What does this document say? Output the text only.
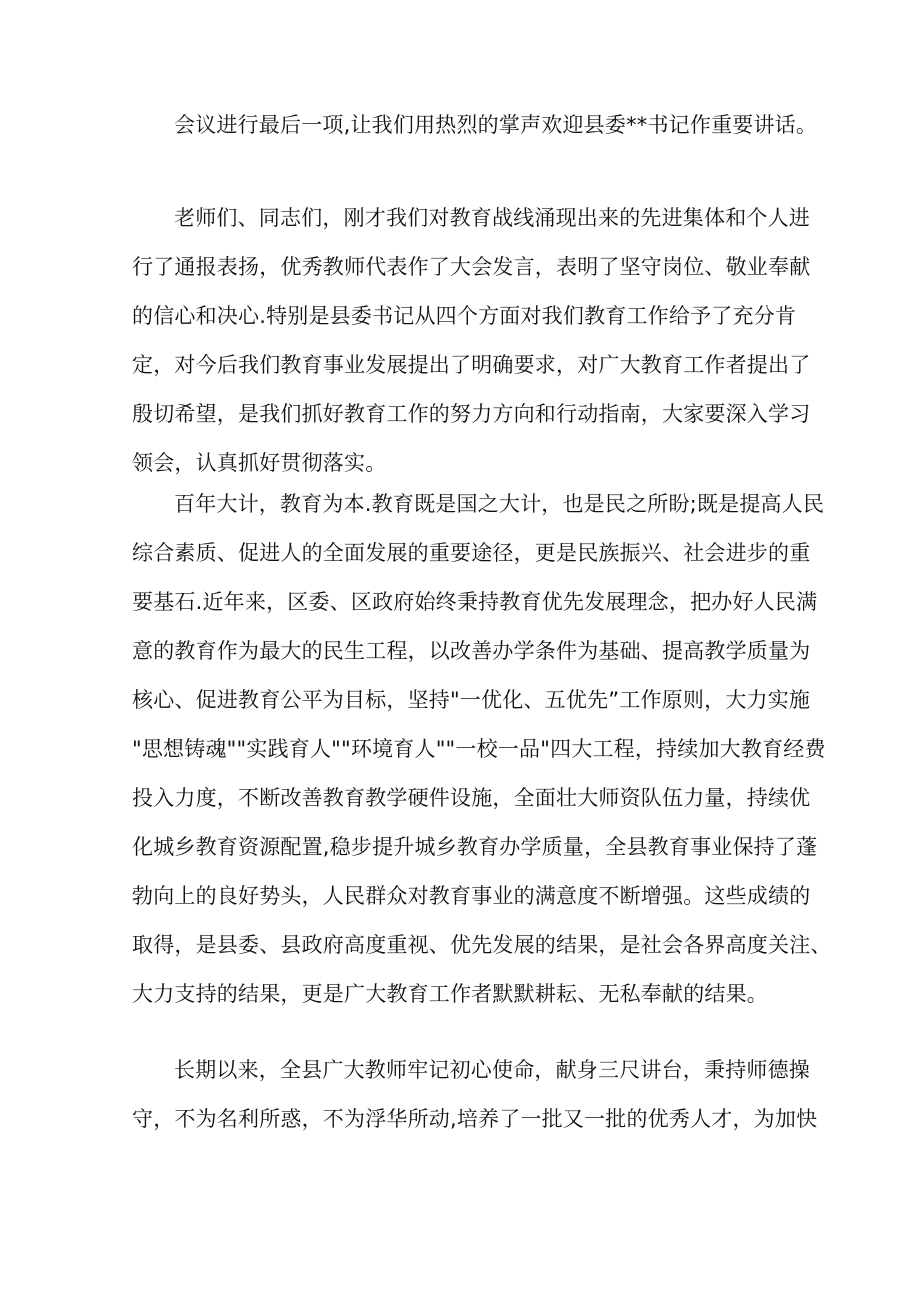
会议进行最后一项,让我们用热烈的掌声欢迎县委**书记作重要讲话。

老师们、同志们，刚才我们对教育战线涌现出来的先进集体和个人进
行了通报表扬，优秀教师代表作了大会发言，表明了坚守岗位、敬业奉献
的信心和决心.特别是县委书记从四个方面对我们教育工作给予了充分肯
定，对今后我们教育事业发展提出了明确要求，对广大教育工作者提出了
殷切希望，是我们抓好教育工作的努力方向和行动指南，大家要深入学习
领会，认真抓好贯彻落实。

百年大计，教育为本.教育既是国之大计，也是民之所盼;既是提高人民
综合素质、促进人的全面发展的重要途径，更是民族振兴、社会进步的重
要基石.近年来，区委、区政府始终秉持教育优先发展理念，把办好人民满
意的教育作为最大的民生工程，以改善办学条件为基础、提高教学质量为
核心、促进教育公平为目标，坚持"一优化、五优先”工作原则，大力实施
"思想铸魂""实践育人""环境育人""一校一品"四大工程，持续加大教育经费
投入力度，不断改善教育教学硬件设施，全面壮大师资队伍力量，持续优
化城乡教育资源配置,稳步提升城乡教育办学质量，全县教育事业保持了蓬
勃向上的良好势头，人民群众对教育事业的满意度不断增强。这些成绩的
取得，是县委、县政府高度重视、优先发展的结果，是社会各界高度关注、
大力支持的结果，更是广大教育工作者默默耕耘、无私奉献的结果。

长期以来，全县广大教师牢记初心使命，献身三尺讲台，秉持师德操
守，不为名利所惑，不为浮华所动,培养了一批又一批的优秀人才，为加快
